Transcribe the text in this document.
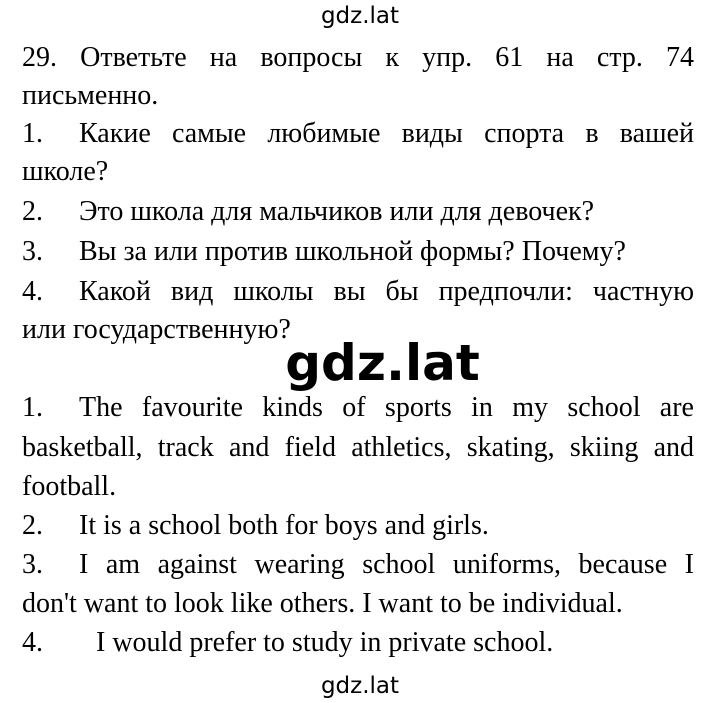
gdz.lat
29. Ответьте на вопросы к упр. 61 на стр. 74
письменно.
1. Какие самые любимые виды спорта в вашей
школе?
2. Это школа для мальчиков или для девочек?
3. Вы за или против школьной формы? Почему?
4. Какой вид школы вы бы предпочли: частную
или государственную?
gdz.lat
1. The favourite kinds of sports in my school are
basketball, track and field athletics, skating, skiing and
football.
2. It is a school both for boys and girls.
3. I am against wearing school uniforms, because I
don't want to look like others. I want to be individual.
4. I would prefer to study in private school.
gdz.lat
